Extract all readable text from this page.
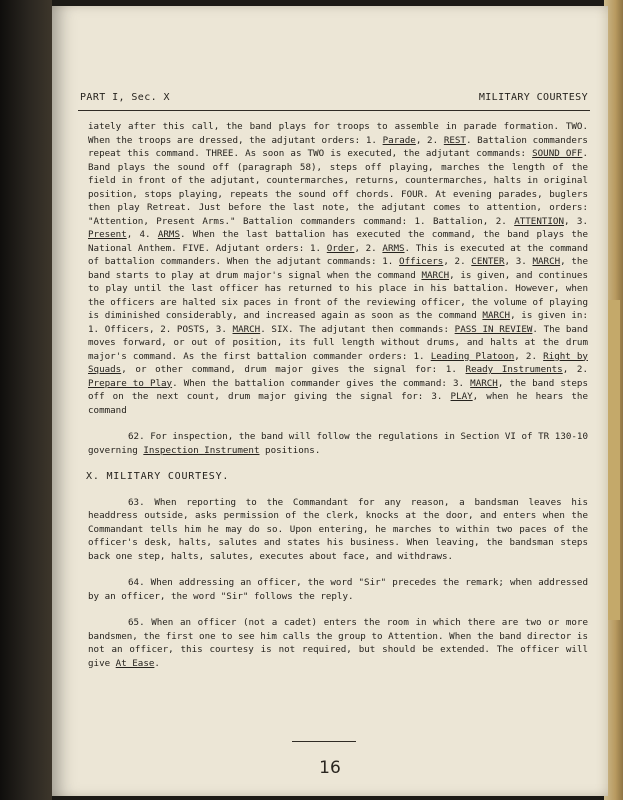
PART I, Sec. X	MILITARY COURTESY

iately after this call, the band plays for troops to assemble in parade formation. TWO. When the troops are dressed, the adjutant orders: 1. Parade, 2. REST. Battalion commanders repeat this command. THREE. As soon as TWO is executed, the adjutant commands: SOUND OFF. Band plays the sound off (paragraph 58), steps off playing, marches the length of the field in front of the adjutant, countermarches, returns, countermarches, halts in original position, stops playing, repeats the sound off chords. FOUR. At evening parades, buglers then play Retreat. Just before the last note, the adjutant comes to attention, orders: "Attention, Present Arms." Battalion commanders command: 1. Battalion, 2. ATTENTION, 3. Present, 4. ARMS. When the last battalion has executed the command, the band plays the National Anthem. FIVE. Adjutant orders: 1. Order, 2. ARMS. This is executed at the command of battalion commanders. When the adjutant commands: 1. Officers, 2. CENTER, 3. MARCH, the band starts to play at drum major's signal when the command MARCH, is given, and continues to play until the last officer has returned to his place in his battalion. However, when the officers are halted six paces in front of the reviewing officer, the volume of playing is diminished considerably, and increased again as soon as the command MARCH, is given in: 1. Officers, 2. POSTS, 3. MARCH. SIX. The adjutant then commands: PASS IN REVIEW. The band moves forward, or out of position, its full length without drums, and halts at the drum major's command. As the first battalion commander orders: 1. Leading Platoon, 2. Right by Squads, or other command, drum major gives the signal for: 1. Ready Instruments, 2. Prepare to Play. When the battalion commander gives the command: 3. MARCH, the band steps off on the next count, drum major giving the signal for: 3. PLAY, when he hears the command

62. For inspection, the band will follow the regulations in Section VI of TR 130-10 governing Inspection Instrument positions.

X. MILITARY COURTESY.

63. When reporting to the Commandant for any reason, a bandsman leaves his headdress outside, asks permission of the clerk, knocks at the door, and enters when the Commandant tells him he may do so. Upon entering, he marches to within two paces of the officer's desk, halts, salutes and states his business. When leaving, the bandsman steps back one step, halts, salutes, executes about face, and withdraws.

64. When addressing an officer, the word "Sir" precedes the remark; when addressed by an officer, the word "Sir" follows the reply.

65. When an officer (not a cadet) enters the room in which there are two or more bandsmen, the first one to see him calls the group to Attention. When the band director is not an officer, this courtesy is not required, but should be extended. The officer will give At Ease.

16
